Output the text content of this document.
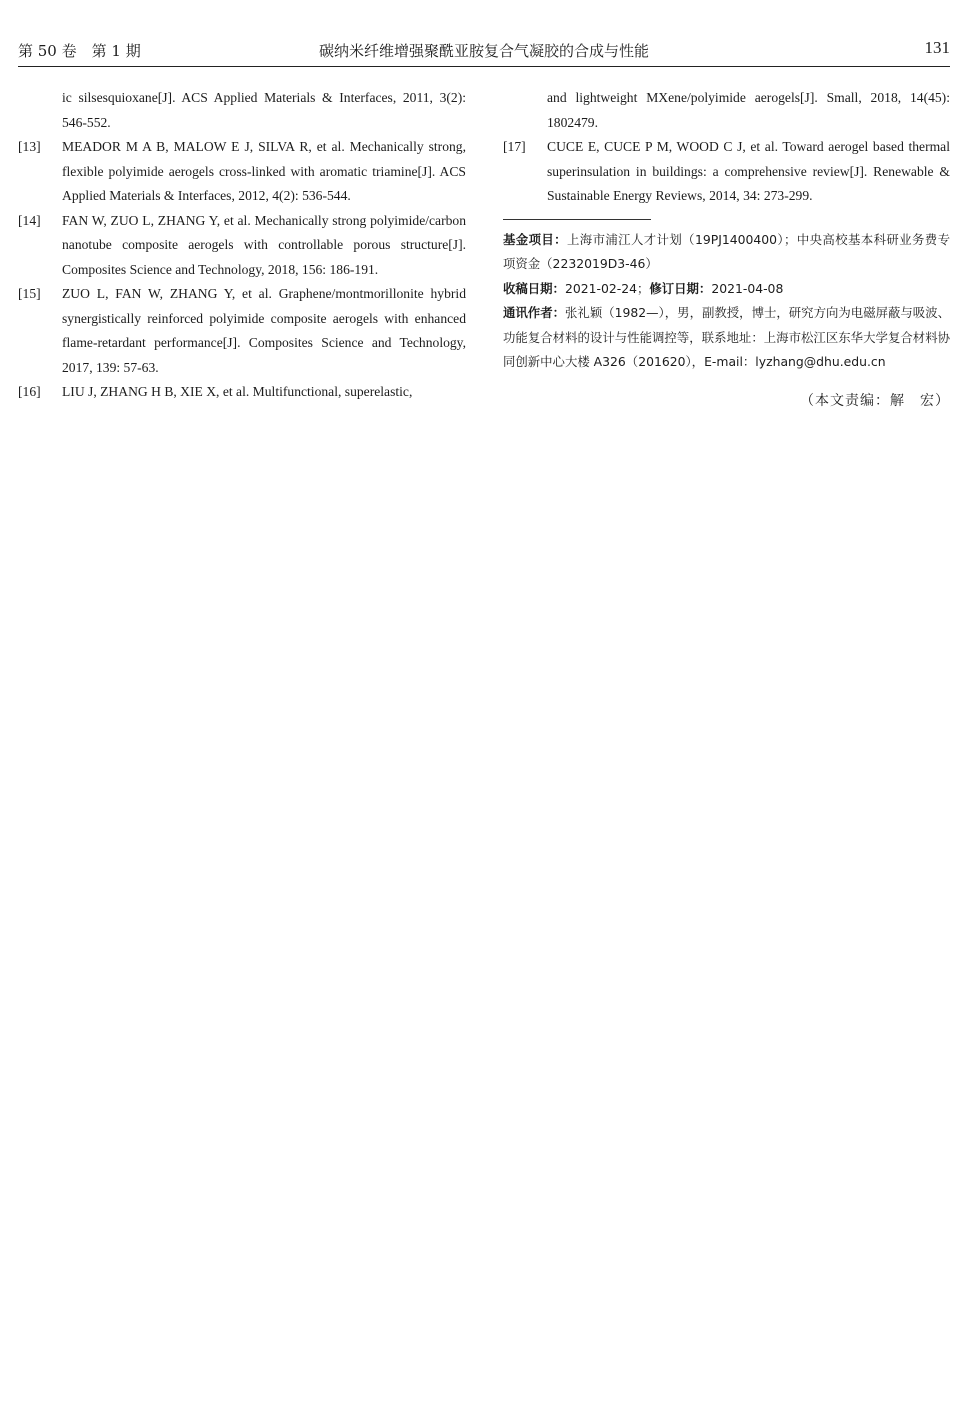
第 50 卷　第 1 期	碳纳米纤维增强聚酰亚胺复合气凝胶的合成与性能	131
ic silsesquioxane[J]. ACS Applied Materials & Interfaces, 2011, 3(2): 546-552.
[13] MEADOR M A B, MALOW E J, SILVA R, et al. Mechanically strong, flexible polyimide aerogels cross-linked with aromatic triamine[J]. ACS Applied Materials & Interfaces, 2012, 4(2): 536-544.
[14] FAN W, ZUO L, ZHANG Y, et al. Mechanically strong polyimide/carbon nanotube composite aerogels with controllable porous structure[J]. Composites Science and Technology, 2018, 156: 186-191.
[15] ZUO L, FAN W, ZHANG Y, et al. Graphene/montmorillonite hybrid synergistically reinforced polyimide composite aerogels with enhanced flame-retardant performance[J]. Composites Science and Technology, 2017, 139: 57-63.
[16] LIU J, ZHANG H B, XIE X, et al. Multifunctional, superelastic,
and lightweight MXene/polyimide aerogels[J]. Small, 2018, 14(45): 1802479.
[17] CUCE E, CUCE P M, WOOD C J, et al. Toward aerogel based thermal superinsulation in buildings: a comprehensive review[J]. Renewable & Sustainable Energy Reviews, 2014, 34: 273-299.
基金项目：上海市浦江人才计划（19PJ1400400）；中央高校基本科研业务费专项资金（2232019D3-46）
收稿日期：2021-02-24；修订日期：2021-04-08
通讯作者：张礼颖（1982—），男，副教授，博士，研究方向为电磁屏蔽与吸波、功能复合材料的设计与性能调控等，联系地址：上海市松江区东华大学复合材料协同创新中心大楼 A326（201620），E-mail：lyzhang@dhu.edu.cn
（本文责编：解　宏）
